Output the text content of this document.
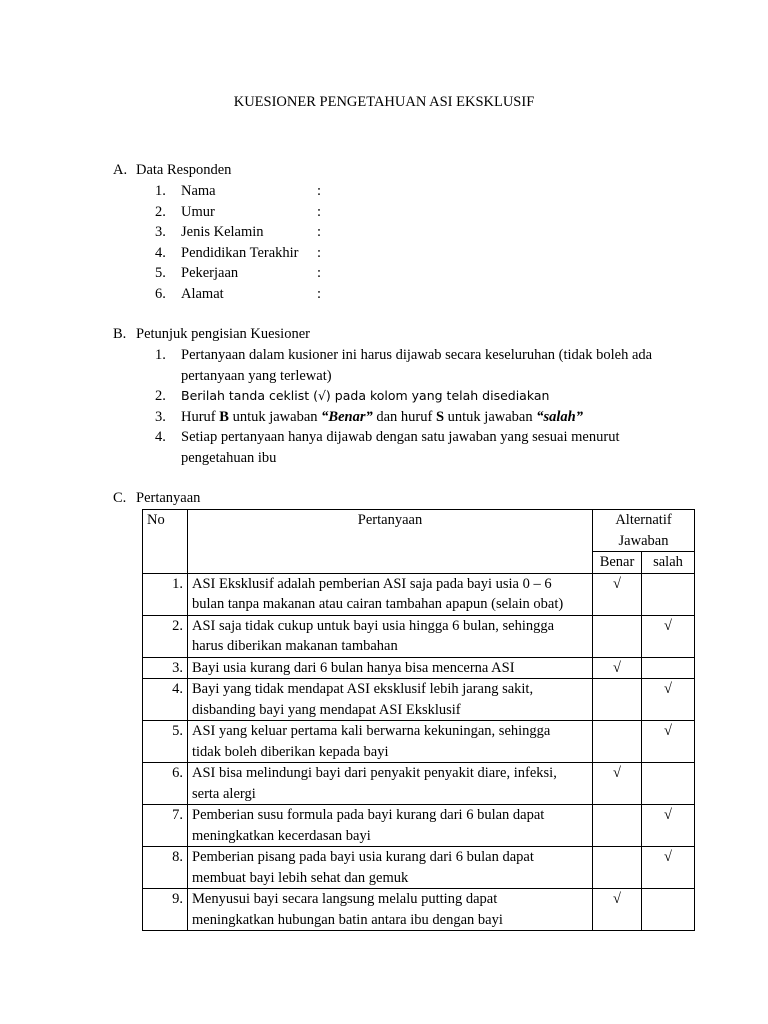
KUESIONER PENGETAHUAN ASI EKSKLUSIF
A. Data Responden
1.	Nama	:
2.	Umur	:
3.	Jenis Kelamin	:
4.	Pendidikan Terakhir :
5.	Pekerjaan	:
6.	Alamat	:
B. Petunjuk pengisian Kuesioner
1.	Pertanyaan dalam kusioner ini harus dijawab secara keseluruhan (tidak boleh ada
pertanyaan yang terlewat)
2.	Berilah tanda ceklist (√) pada kolom yang telah disediakan
3.	Huruf B untuk jawaban “Benar” dan huruf S untuk jawaban “salah”
4.	Setiap pertanyaan hanya dijawab dengan satu jawaban yang sesuai menurut
pengetahuan ibu
C. Pertanyaan
No	Pertanyaan	Alternatif
Jawaban	

		Benar	salah
1.	ASI Eksklusif adalah pemberian ASI saja pada bayi usia 0 – 6
bulan tanpa makanan atau cairan tambahan apapun (selain obat)	√	
2.	ASI saja tidak cukup untuk bayi usia hingga 6 bulan, sehingga
harus diberikan makanan tambahan		√
3.	Bayi usia kurang dari 6 bulan hanya bisa mencerna ASI	√	
4.	Bayi yang tidak mendapat ASI eksklusif lebih jarang sakit,
disbanding bayi yang mendapat ASI Eksklusif		√
5.	ASI yang keluar pertama kali berwarna kekuningan, sehingga
tidak boleh diberikan kepada bayi		√
6.	ASI bisa melindungi bayi dari penyakit penyakit diare, infeksi,
serta alergi	√	
7.	Pemberian susu formula pada bayi kurang dari 6 bulan dapat
meningkatkan kecerdasan bayi		√
8.	Pemberian pisang pada bayi usia kurang dari 6 bulan dapat
membuat bayi lebih sehat dan gemuk		√
9.	Menyusui bayi secara langsung melalu putting dapat
meningkatkan hubungan batin antara ibu dengan bayi	√	
